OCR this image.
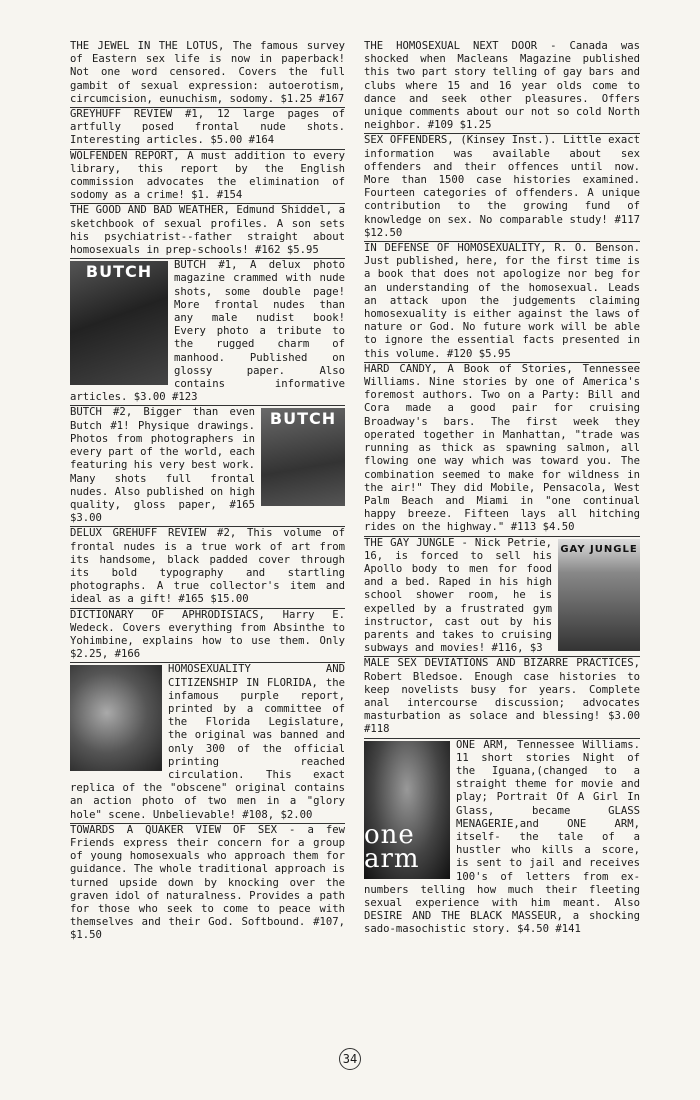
THE JEWEL IN THE LOTUS, The famous survey of Eastern sex life is now in paperback! Not one word censored. Covers the full gambit of sexual expression: autoerotism, circumcision, eunuchism, sodomy. $1.25 #167
GREYHUFF REVIEW #1, 12 large pages of artfully posed frontal nude shots. Interesting articles. $5.00 #164
WOLFENDEN REPORT, A must addition to every library, this report by the English commission advocates the elimination of sodomy as a crime! $1. #154
THE GOOD AND BAD WEATHER, Edmund Shiddel, a sketchbook of sexual profiles. A son sets his psychiatrist--father straight about homosexuals in prep-schools! #162 $5.95
BUTCH BUTCH #1, A delux photo magazine crammed with nude shots, some double page! More frontal nudes than any male nudist book! Every photo a tribute to the rugged charm of manhood. Published on glossy paper. Also contains informative articles. $3.00 #123
BUTCH
BUTCH #2, Bigger than even Butch #1! Physique drawings. Photos from photographers in every part of the world, each featuring his very best work. Many shots full frontal nudes. Also published on high quality, gloss paper, #165 $3.00
DELUX GREHUFF REVIEW #2, This volume of frontal nudes is a true work of art from its handsome, black padded cover through its bold typography and startling photographs. A true collector's item and ideal as a gift! #165 $15.00
DICTIONARY OF APHRODISIACS, Harry E. Wedeck. Covers everything from Absinthe to Yohimbine, explains how to use them. Only $2.25, #166
HOMOSEXUALITY AND CITIZENSHIP IN FLORIDA, the infamous purple report, printed by a committee of the Florida Legislature, the original was banned and only 300 of the official printing reached circulation. This exact replica of the "obscene" original contains an action photo of two men in a "glory hole" scene. Unbelievable! #108, $2.00
TOWARDS A QUAKER VIEW OF SEX - a few Friends express their concern for a group of young homosexuals who approach them for guidance. The whole traditional approach is turned upside down by knocking over the graven idol of naturalness. Provides a path for those who seek to come to peace with themselves and their God. Softbound. #107, $1.50
THE HOMOSEXUAL NEXT DOOR - Canada was shocked when Macleans Magazine published this two part story telling of gay bars and clubs where 15 and 16 year olds come to dance and seek other pleasures. Offers unique comments about our not so cold North neighbor. #109 $1.25
SEX OFFENDERS, (Kinsey Inst.). Little exact information was available about sex offenders and their offences until now. More than 1500 case histories examined. Fourteen categories of offenders. A unique contribution to the growing fund of knowledge on sex. No comparable study! #117 $12.50
IN DEFENSE OF HOMOSEXUALITY, R. O. Benson. Just published, here, for the first time is a book that does not apologize nor beg for an understanding of the homosexual. Leads an attack upon the judgements claiming homosexuality is either against the laws of nature or God. No future work will be able to ignore the essential facts presented in this volume. #120 $5.95
HARD CANDY, A Book of Stories, Tennessee Williams. Nine stories by one of America's foremost authors. Two on a Party: Bill and Cora made a good pair for cruising Broadway's bars. The first week they operated together in Manhattan, "trade was running as thick as spawning salmon, all flowing one way which was toward you. The combination seemed to make for wildness in the air!" They did Mobile, Pensacola, West Palm Beach and Miami in "one continual happy breeze. Fifteen lays all hitching rides on the highway." #113 $4.50
GAY JUNGLE
THE GAY JUNGLE - Nick Petrie, 16, is forced to sell his Apollo body to men for food and a bed. Raped in his high school shower room, he is expelled by a frustrated gym instructor, cast out by his parents and takes to cruising subways and movies! #116, $3
MALE SEX DEVIATIONS AND BIZARRE PRACTICES, Robert Bledsoe. Enough case histories to keep novelists busy for years. Complete anal intercourse discussion; advocates masturbation as solace and blessing! $3.00 #118
one arm
ONE ARM, Tennessee Williams. 11 short stories Night of the Iguana,(changed to a straight theme for movie and play; Portrait Of A Girl In Glass, became GLASS MENAGERIE,and ONE ARM, itself- the tale of a hustler who kills a score, is sent to jail and receives 100's of letters from ex-numbers telling how much their fleeting sexual experience with him meant. Also DESIRE AND THE BLACK MASSEUR, a shocking sado-masochistic story. $4.50 #141
34
